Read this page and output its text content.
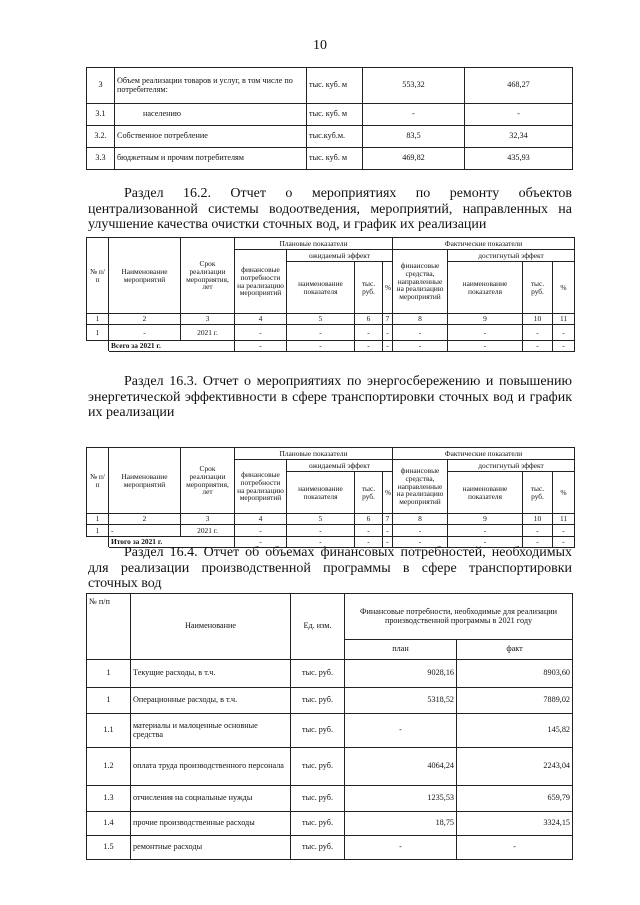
10
3	Объем реализации товаров и услуг, в том числе по потребителям:	тыс. куб. м	553,32	468,27
3.1	населению	тыс. куб. м	-	-
3.2.	Собственное потребление	тыс.куб.м.	83,5	32,34
3.3	бюджетным и прочим потребителям	тыс. куб. м	469,82	435,93
Раздел 16.2. Отчет о мероприятиях по ремонту объектов централизованной системы водоотведения, мероприятий, направленных на улучшение качества очистки сточных вод, и график их реализации
№ п/ п	Наименование мероприятий	Срок реализации мероприятия, лет	Плановые показатели				Фактические показатели			
			финансовые потребности на реализацию мероприятий	ожидаемый эффект			финансовые средства, направленные на реализацию мероприятий	достигнутый эффект		
				наименование показателя	тыс. руб.	%		наименование показателя	тыс. руб.	%
1	2	3	4	5	6	7	8	9	10	11
1	-	2021 г.	-	-	-	-	-	-	-	-
	Всего за 2021 г.		-	-	-	-	-	-	-	-
Раздел 16.3. Отчет о мероприятиях по энергосбережению и повышению энергетической эффективности в сфере транспортировки сточных вод и график их реализации
№ п/ п	Наименование мероприятий	Срок реализации мероприятия, лет	Плановые показатели				Фактические показатели			
			финансовые потребности на реализацию мероприятий	ожидаемый эффект			финансовые средства, направленные на реализацию мероприятий	достигнутый эффект		
				наименование показателя	тыс. руб.	%		наименование показателя	тыс. руб.	%
1	2	3	4	5	6	7	8	9	10	11
1	-	2021 г.	-	-	-	-	-	-	-	-
	Итого за 2021 г.		-	-	-	-	-	-	-	-
Раздел 16.4. Отчет об объемах финансовых потребностей, необходимых для реализации производственной программы в сфере транспортировки сточных вод
№ п/п	Наименование	Ед. изм.	Финансовые потребности, необходимые для реализации производственной программы в 2021 году	
			план	факт
1	Текущие расходы, в т.ч.	тыс. руб.	9028,16	8903,60
1	Операционные расходы, в т.ч.	тыс. руб.	5318,52	7889,02
1.1	материалы и малоценные основные средства	тыс. руб.	-	145,82
1.2	оплата труда производственного персонала	тыс. руб.	4064,24	2243,04
1.3	отчисления на социальные нужды	тыс. руб.	1235,53	659,79
1.4	прочие производственные расходы	тыс. руб.	18,75	3324,15
1.5	ремонтные расходы	тыс. руб.	-	-
